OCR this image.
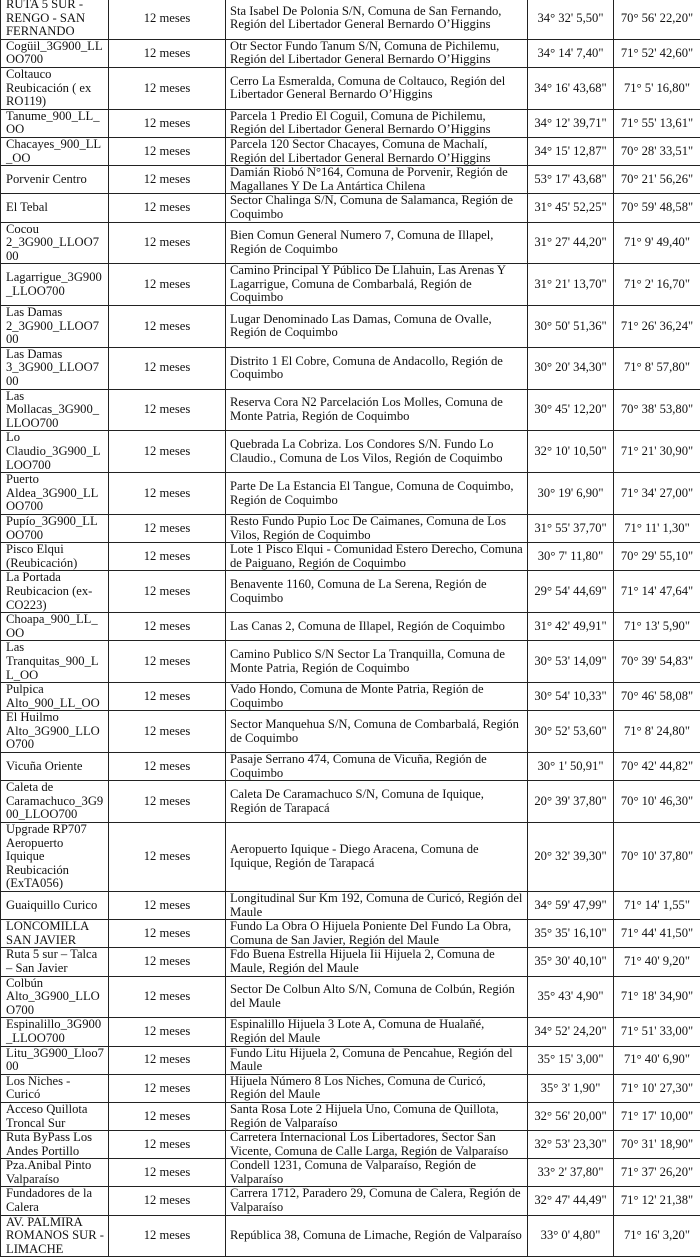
RUTA 5 SUR - RENGO - SAN FERNANDO	12 meses	Sta Isabel De Polonia S/N, Comuna de San Fernando, Región del Libertador General Bernardo O’Higgins	34° 32' 5,50"	70° 56' 22,20"
Cogüil_3G900_LLOO700	12 meses	Otr Sector Fundo Tanum S/N, Comuna de Pichilemu, Región del Libertador General Bernardo O’Higgins	34° 14' 7,40"	71° 52' 42,60"
Coltauco Reubicación ( ex RO119)	12 meses	Cerro La Esmeralda, Comuna de Coltauco, Región del Libertador General Bernardo O’Higgins	34° 16' 43,68"	71° 5' 16,80"
Tanume_900_LL_OO	12 meses	Parcela 1 Predio El Coguil, Comuna de Pichilemu, Región del Libertador General Bernardo O’Higgins	34° 12' 39,71"	71° 55' 13,61"
Chacayes_900_LL_OO	12 meses	Parcela 120 Sector Chacayes, Comuna de Machalí, Región del Libertador General Bernardo O’Higgins	34° 15' 12,87"	70° 28' 33,51"
Porvenir Centro	12 meses	Damián Riobó N°164, Comuna de Porvenir, Región de Magallanes Y De La Antártica Chilena	53° 17' 43,68"	70° 21' 56,26"
El Tebal	12 meses	Sector Chalinga S/N, Comuna de Salamanca, Región de Coquimbo	31° 45' 52,25"	70° 59' 48,58"
Cocou 2_3G900_LLOO700	12 meses	Bien Comun General Numero 7, Comuna de Illapel, Región de Coquimbo	31° 27' 44,20"	71° 9' 49,40"
Lagarrigue_3G900_LLOO700	12 meses	Camino Principal Y Público De Llahuin, Las Arenas Y Lagarrigue, Comuna de Combarbalá, Región de Coquimbo	31° 21' 13,70"	71° 2' 16,70"
Las Damas 2_3G900_LLOO700	12 meses	Lugar Denominado Las Damas, Comuna de Ovalle, Región de Coquimbo	30° 50' 51,36"	71° 26' 36,24"
Las Damas 3_3G900_LLOO700	12 meses	Distrito 1 El Cobre, Comuna de Andacollo, Región de Coquimbo	30° 20' 34,30"	71° 8' 57,80"
Las Mollacas_3G900_LLOO700	12 meses	Reserva Cora N2 Parcelación Los Molles, Comuna de Monte Patria, Región de Coquimbo	30° 45' 12,20"	70° 38' 53,80"
Lo Claudio_3G900_LLOO700	12 meses	Quebrada La Cobriza. Los Condores S/N. Fundo Lo Claudio., Comuna de Los Vilos, Región de Coquimbo	32° 10' 10,50"	71° 21' 30,90"
Puerto Aldea_3G900_LLOO700	12 meses	Parte De La Estancia El Tangue, Comuna de Coquimbo, Región de Coquimbo	30° 19' 6,90"	71° 34' 27,00"
Pupío_3G900_LLOO700	12 meses	Resto Fundo Pupio Loc De Caimanes, Comuna de Los Vilos, Región de Coquimbo	31° 55' 37,70"	71° 11' 1,30"
Pisco Elqui (Reubicación)	12 meses	Lote 1 Pisco Elqui - Comunidad Estero Derecho, Comuna de Paiguano, Región de Coquimbo	30° 7' 11,80"	70° 29' 55,10"
La Portada Reubicacion (ex-CO223)	12 meses	Benavente 1160, Comuna de La Serena, Región de Coquimbo	29° 54' 44,69"	71° 14' 47,64"
Choapa_900_LL_OO	12 meses	Las Canas 2, Comuna de Illapel, Región de Coquimbo	31° 42' 49,91"	71° 13' 5,90"
Las Tranquitas_900_LL_OO	12 meses	Camino Publico S/N Sector La Tranquilla, Comuna de Monte Patria, Región de Coquimbo	30° 53' 14,09"	70° 39' 54,83"
Pulpica Alto_900_LL_OO	12 meses	Vado Hondo, Comuna de Monte Patria, Región de Coquimbo	30° 54' 10,33"	70° 46' 58,08"
El Huilmo Alto_3G900_LLOO700	12 meses	Sector Manquehua S/N, Comuna de Combarbalá, Región de Coquimbo	30° 52' 53,60"	71° 8' 24,80"
Vicuña Oriente	12 meses	Pasaje Serrano 474, Comuna de Vicuña, Región de Coquimbo	30° 1' 50,91"	70° 42' 44,82"
Caleta de Caramachuco_3G900_LLOO700	12 meses	Caleta De Caramachuco S/N, Comuna de Iquique, Región de Tarapacá	20° 39' 37,80"	70° 10' 46,30"
Upgrade RP707 Aeropuerto Iquique Reubicación (ExTA056)	12 meses	Aeropuerto Iquique - Diego Aracena, Comuna de Iquique, Región de Tarapacá	20° 32' 39,30"	70° 10' 37,80"
Guaiquillo Curico	12 meses	Longitudinal Sur Km 192, Comuna de Curicó, Región del Maule	34° 59' 47,99"	71° 14' 1,55"
LONCOMILLA SAN JAVIER	12 meses	Fundo La Obra O Hijuela Poniente Del Fundo La Obra, Comuna de San Javier, Región del Maule	35° 35' 16,10"	71° 44' 41,50"
Ruta 5 sur – Talca – San Javier	12 meses	Fdo Buena Estrella Hijuela Iii Hijuela 2, Comuna de Maule, Región del Maule	35° 30' 40,10"	71° 40' 9,20"
Colbún Alto_3G900_LLOO700	12 meses	Sector De Colbun Alto S/N, Comuna de Colbún, Región del Maule	35° 43' 4,90"	71° 18' 34,90"
Espinalillo_3G900_LLOO700	12 meses	Espinalillo Hijuela 3 Lote A, Comuna de Hualañé, Región del Maule	34° 52' 24,20"	71° 51' 33,00"
Litu_3G900_Lloo700	12 meses	Fundo Litu Hijuela 2, Comuna de Pencahue, Región del Maule	35° 15' 3,00"	71° 40' 6,90"
Los Niches -Curicó	12 meses	Hijuela Número 8 Los Niches, Comuna de Curicó, Región del Maule	35° 3' 1,90"	71° 10' 27,30"
Acceso Quillota Troncal Sur	12 meses	Santa Rosa Lote 2 Hijuela Uno, Comuna de Quillota, Región de Valparaíso	32° 56' 20,00"	71° 17' 10,00"
Ruta ByPass Los Andes Portillo	12 meses	Carretera Internacional Los Libertadores, Sector San Vicente, Comuna de Calle Larga, Región de Valparaíso	32° 53' 23,30"	70° 31' 18,90"
Pza.Anibal Pinto Valparaíso	12 meses	Condell 1231, Comuna de Valparaíso, Región de Valparaíso	33° 2' 37,80"	71° 37' 26,20"
Fundadores de la Calera	12 meses	Carrera 1712, Paradero 29, Comuna de Calera, Región de Valparaíso	32° 47' 44,49"	71° 12' 21,38"
AV. PALMIRA ROMANOS SUR - LIMACHE	12 meses	República 38, Comuna de Limache, Región de Valparaíso	33° 0' 4,80"	71° 16' 3,20"
